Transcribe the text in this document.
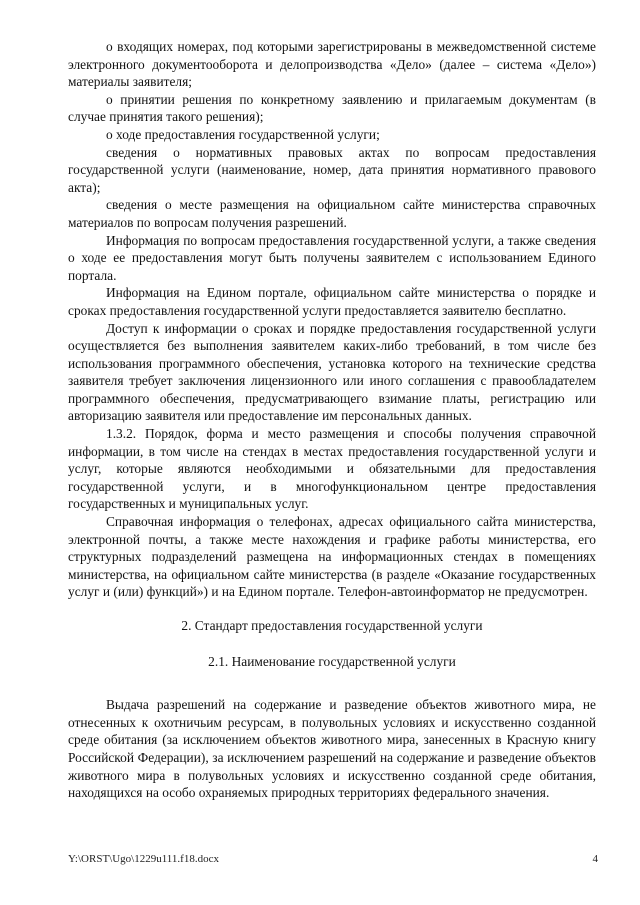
о входящих номерах, под которыми зарегистрированы в межведомственной системе электронного документооборота и делопроизводства «Дело» (далее – система «Дело») материалы заявителя;

о принятии решения по конкретному заявлению и прилагаемым документам (в случае принятия такого решения);

о ходе предоставления государственной услуги;

сведения о нормативных правовых актах по вопросам предоставления государственной услуги (наименование, номер, дата принятия нормативного правового акта);

сведения о месте размещения на официальном сайте министерства справочных материалов по вопросам получения разрешений.

Информация по вопросам предоставления государственной услуги, а также сведения о ходе ее предоставления могут быть получены заявителем с использованием Единого портала.

Информация на Едином портале, официальном сайте министерства о порядке и сроках предоставления государственной услуги предоставляется заявителю бесплатно.

Доступ к информации о сроках и порядке предоставления государственной услуги осуществляется без выполнения заявителем каких-либо требований, в том числе без использования программного обеспечения, установка которого на технические средства заявителя требует заключения лицензионного или иного соглашения с правообладателем программного обеспечения, предусматривающего взимание платы, регистрацию или авторизацию заявителя или предоставление им персональных данных.

1.3.2. Порядок, форма и место размещения и способы получения справочной информации, в том числе на стендах в местах предоставления государственной услуги и услуг, которые являются необходимыми и обязательными для предоставления государственной услуги, и в многофункциональном центре предоставления государственных и муниципальных услуг.

Справочная информация о телефонах, адресах официального сайта министерства, электронной почты, а также месте нахождения и графике работы министерства, его структурных подразделений размещена на информационных стендах в помещениях министерства, на официальном сайте министерства (в разделе «Оказание государственных услуг и (или) функций») и на Едином портале. Телефон-автоинформатор не предусмотрен.

2. Стандарт предоставления государственной услуги

2.1. Наименование государственной услуги

Выдача разрешений на содержание и разведение объектов животного мира, не отнесенных к охотничьим ресурсам, в полувольных условиях и искусственно созданной среде обитания (за исключением объектов животного мира, занесенных в Красную книгу Российской Федерации), за исключением разрешений на содержание и разведение объектов животного мира в полувольных условиях и искусственно созданной среде обитания, находящихся на особо охраняемых природных территориях федерального значения.

Y:\ORST\Ugo\1229u111.f18.docx	4
